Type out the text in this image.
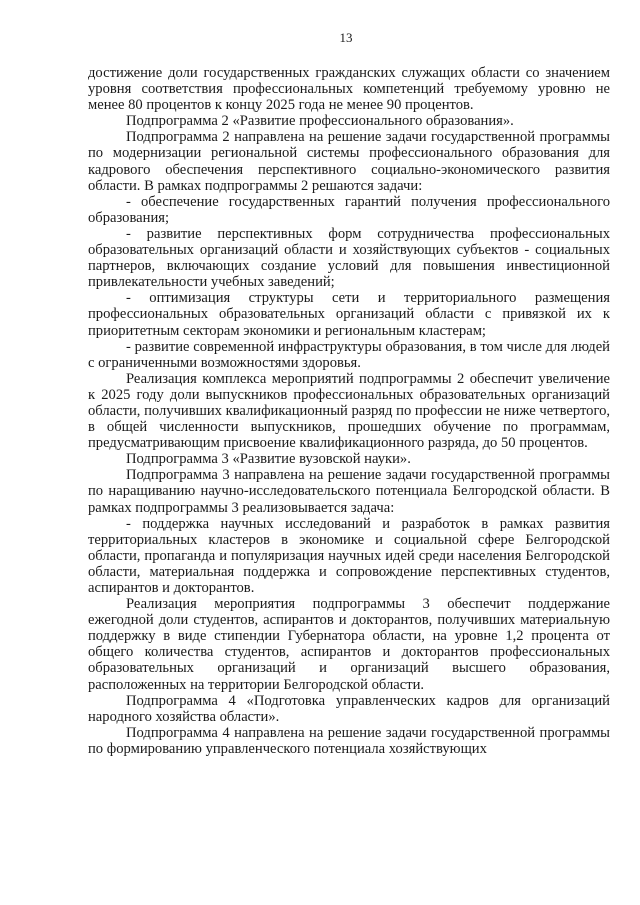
13

достижение доли государственных гражданских служащих области со значением уровня соответствия профессиональных компетенций требуемому уровню не менее 80 процентов к концу 2025 года не менее 90 процентов.

Подпрограмма 2 «Развитие профессионального образования».

Подпрограмма 2 направлена на решение задачи государственной программы по модернизации региональной системы профессионального образования для кадрового обеспечения перспективного социально-экономического развития области. В рамках подпрограммы 2 решаются задачи:

- обеспечение государственных гарантий получения профессионального образования;

- развитие перспективных форм сотрудничества профессиональных образовательных организаций области и хозяйствующих субъектов - социальных партнеров, включающих создание условий для повышения инвестиционной привлекательности учебных заведений;

- оптимизация структуры сети и территориального размещения профессиональных образовательных организаций области с привязкой их к приоритетным секторам экономики и региональным кластерам;

- развитие современной инфраструктуры образования, в том числе для людей с ограниченными возможностями здоровья.

Реализация комплекса мероприятий подпрограммы 2 обеспечит увеличение к 2025 году доли выпускников профессиональных образовательных организаций области, получивших квалификационный разряд по профессии не ниже четвертого, в общей численности выпускников, прошедших обучение по программам, предусматривающим присвоение квалификационного разряда, до 50 процентов.

Подпрограмма 3 «Развитие вузовской науки».

Подпрограмма 3 направлена на решение задачи государственной программы по наращиванию научно-исследовательского потенциала Белгородской области. В рамках подпрограммы 3 реализовывается задача:

- поддержка научных исследований и разработок в рамках развития территориальных кластеров в экономике и социальной сфере Белгородской области, пропаганда и популяризация научных идей среди населения Белгородской области, материальная поддержка и сопровождение перспективных студентов, аспирантов и докторантов.

Реализация мероприятия подпрограммы 3 обеспечит поддержание ежегодной доли студентов, аспирантов и докторантов, получивших материальную поддержку в виде стипендии Губернатора области, на уровне 1,2 процента от общего количества студентов, аспирантов и докторантов профессиональных образовательных организаций и организаций высшего образования, расположенных на территории Белгородской области.

Подпрограмма 4 «Подготовка управленческих кадров для организаций народного хозяйства области».

Подпрограмма 4 направлена на решение задачи государственной программы по формированию управленческого потенциала хозяйствующих
